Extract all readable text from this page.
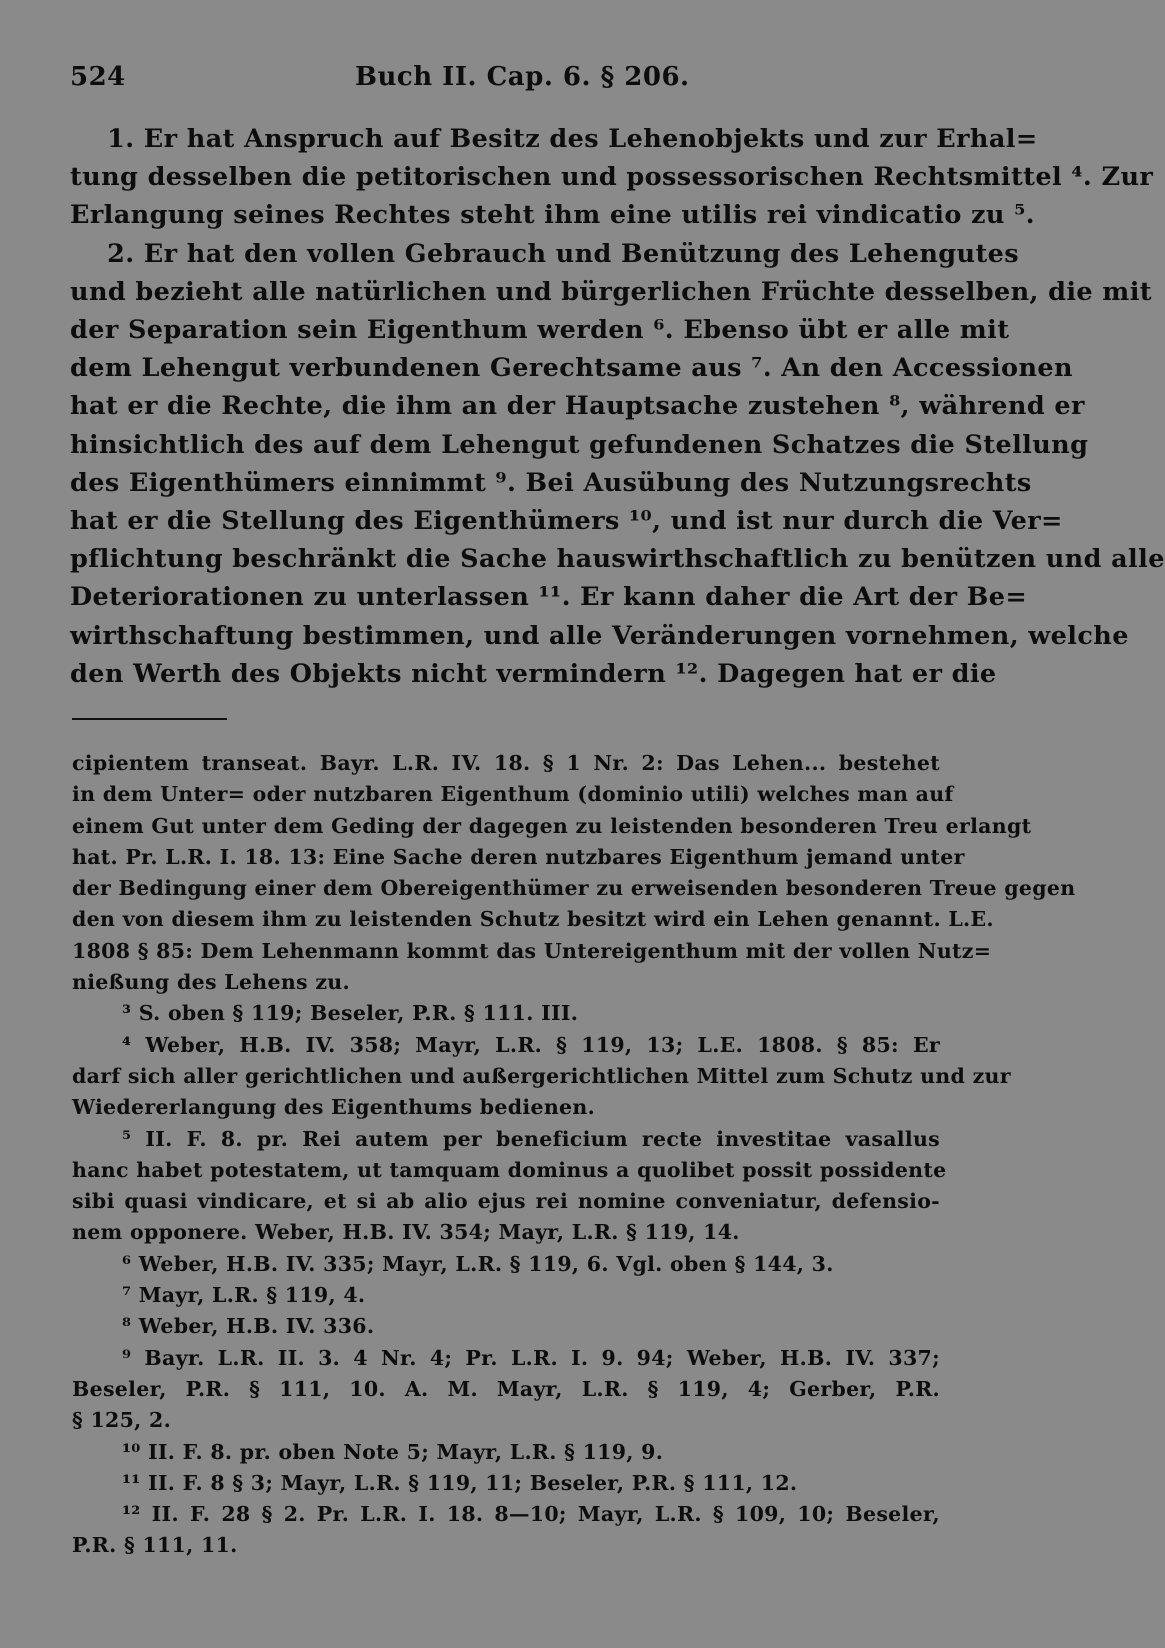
524	Buch II. Cap. 6. § 206.
1. Er hat Anspruch auf Besitz des Lehenobjekts und zur Erhal=
tung desselben die petitorischen und possessorischen Rechtsmittel ⁴. Zur
Erlangung seines Rechtes steht ihm eine utilis rei vindicatio zu ⁵.
2. Er hat den vollen Gebrauch und Benützung des Lehengutes
und bezieht alle natürlichen und bürgerlichen Früchte desselben, die mit
der Separation sein Eigenthum werden ⁶. Ebenso übt er alle mit
dem Lehengut verbundenen Gerechtsame aus ⁷. An den Accessionen
hat er die Rechte, die ihm an der Hauptsache zustehen ⁸, während er
hinsichtlich des auf dem Lehengut gefundenen Schatzes die Stellung
des Eigenthümers einnimmt ⁹. Bei Ausübung des Nutzungsrechts
hat er die Stellung des Eigenthümers ¹⁰, und ist nur durch die Ver=
pflichtung beschränkt die Sache hauswirthschaftlich zu benützen und alle
Deteriorationen zu unterlassen ¹¹. Er kann daher die Art der Be=
wirthschaftung bestimmen, und alle Veränderungen vornehmen, welche
den Werth des Objekts nicht vermindern ¹². Dagegen hat er die
cipientem transeat. Bayr. L.R. IV. 18. § 1 Nr. 2: Das Lehen... bestehet
in dem Unter= oder nutzbaren Eigenthum (dominio utili) welches man auf
einem Gut unter dem Geding der dagegen zu leistenden besonderen Treu erlangt
hat. Pr. L.R. I. 18. 13: Eine Sache deren nutzbares Eigenthum jemand unter
der Bedingung einer dem Obereigenthümer zu erweisenden besonderen Treue gegen
den von diesem ihm zu leistenden Schutz besitzt wird ein Lehen genannt. L.E.
1808 § 85: Dem Lehenmann kommt das Untereigenthum mit der vollen Nutz=
nießung des Lehens zu.
³ S. oben § 119; Beseler, P.R. § 111. III.
⁴ Weber, H.B. IV. 358; Mayr, L.R. § 119, 13; L.E. 1808. § 85: Er
darf sich aller gerichtlichen und außergerichtlichen Mittel zum Schutz und zur
Wiedererlangung des Eigenthums bedienen.
⁵ II. F. 8. pr. Rei autem per beneficium recte investitae vasallus
hanc habet potestatem, ut tamquam dominus a quolibet possit possidente
sibi quasi vindicare, et si ab alio ejus rei nomine conveniatur, defensio-
nem opponere. Weber, H.B. IV. 354; Mayr, L.R. § 119, 14.
⁶ Weber, H.B. IV. 335; Mayr, L.R. § 119, 6. Vgl. oben § 144, 3.
⁷ Mayr, L.R. § 119, 4.
⁸ Weber, H.B. IV. 336.
⁹ Bayr. L.R. II. 3. 4 Nr. 4; Pr. L.R. I. 9. 94; Weber, H.B. IV. 337;
Beseler, P.R. § 111, 10. A. M. Mayr, L.R. § 119, 4; Gerber, P.R.
§ 125, 2.
¹⁰ II. F. 8. pr. oben Note 5; Mayr, L.R. § 119, 9.
¹¹ II. F. 8 § 3; Mayr, L.R. § 119, 11; Beseler, P.R. § 111, 12.
¹² II. F. 28 § 2. Pr. L.R. I. 18. 8—10; Mayr, L.R. § 109, 10; Beseler,
P.R. § 111, 11.
